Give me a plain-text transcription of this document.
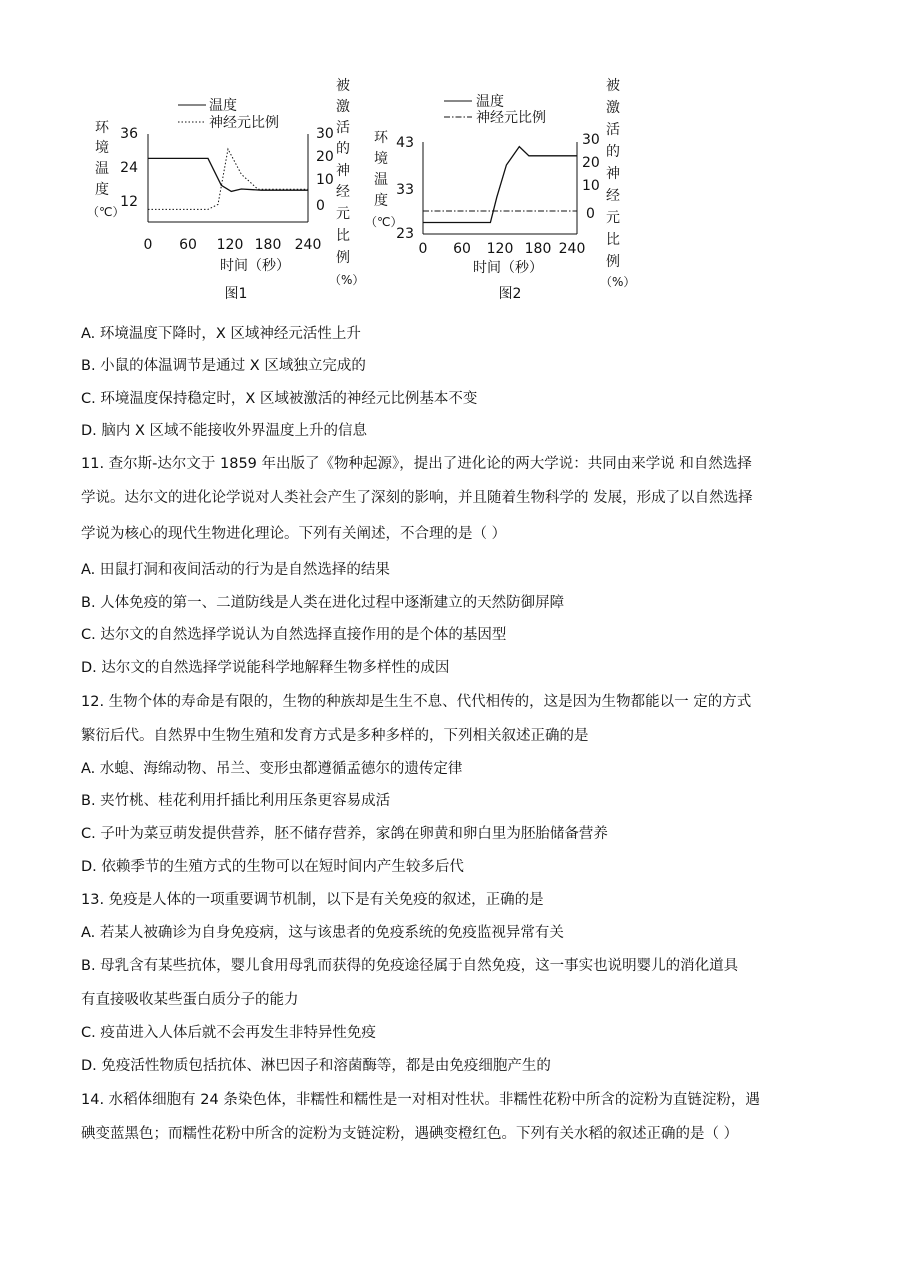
温度
神经元比例
环
境
温
度
（℃）
被
激
活
的
神
经
元
比
例
（%）
36
24
12
30
20
10
0
0 60 120 180 240
时间（秒）
图1
温度
神经元比例
环
境
温
度
（℃）
被
激
活
的
神
经
元
比
例
（%）
43
33
23
30
20
10
0
0 60 120 180 240
时间（秒）
图2
A. 环境温度下降时，X 区域神经元活性上升
B. 小鼠的体温调节是通过 X 区域独立完成的
C. 环境温度保持稳定时，X 区域被激活的神经元比例基本不变
D. 脑内 X 区域不能接收外界温度上升的信息
11. 查尔斯-达尔文于 1859 年出版了《物种起源》，提出了进化论的两大学说：共同由来学说 和自然选择
学说。达尔文的进化论学说对人类社会产生了深刻的影响，并且随着生物科学的 发展，形成了以自然选择
学说为核心的现代生物进化理论。下列有关阐述，不合理的是（ ）
A. 田鼠打洞和夜间活动的行为是自然选择的结果
B. 人体免疫的第一、二道防线是人类在进化过程中逐渐建立的天然防御屏障
C. 达尔文的自然选择学说认为自然选择直接作用的是个体的基因型
D. 达尔文的自然选择学说能科学地解释生物多样性的成因
12. 生物个体的寿命是有限的，生物的种族却是生生不息、代代相传的，这是因为生物都能以一 定的方式
繁衍后代。自然界中生物生殖和发育方式是多种多样的，下列相关叙述正确的是
A. 水螅、海绵动物、吊兰、变形虫都遵循孟德尔的遗传定律
B. 夹竹桃、桂花利用扦插比利用压条更容易成活
C. 子叶为菜豆萌发提供营养，胚不储存营养，家鸽在卵黄和卵白里为胚胎储备营养
D. 依赖季节的生殖方式的生物可以在短时间内产生较多后代
13. 免疫是人体的一项重要调节机制，以下是有关免疫的叙述，正确的是
A. 若某人被确诊为自身免疫病，这与该患者的免疫系统的免疫监视异常有关
B. 母乳含有某些抗体，婴儿食用母乳而获得的免疫途径属于自然免疫，这一事实也说明婴儿的消化道具
有直接吸收某些蛋白质分子的能力
C. 疫苗进入人体后就不会再发生非特异性免疫
D. 免疫活性物质包括抗体、淋巴因子和溶菌酶等，都是由免疫细胞产生的
14. 水稻体细胞有 24 条染色体，非糯性和糯性是一对相对性状。非糯性花粉中所含的淀粉为直链淀粉，遇
碘变蓝黑色；而糯性花粉中所含的淀粉为支链淀粉，遇碘变橙红色。下列有关水稻的叙述正确的是（ ）
